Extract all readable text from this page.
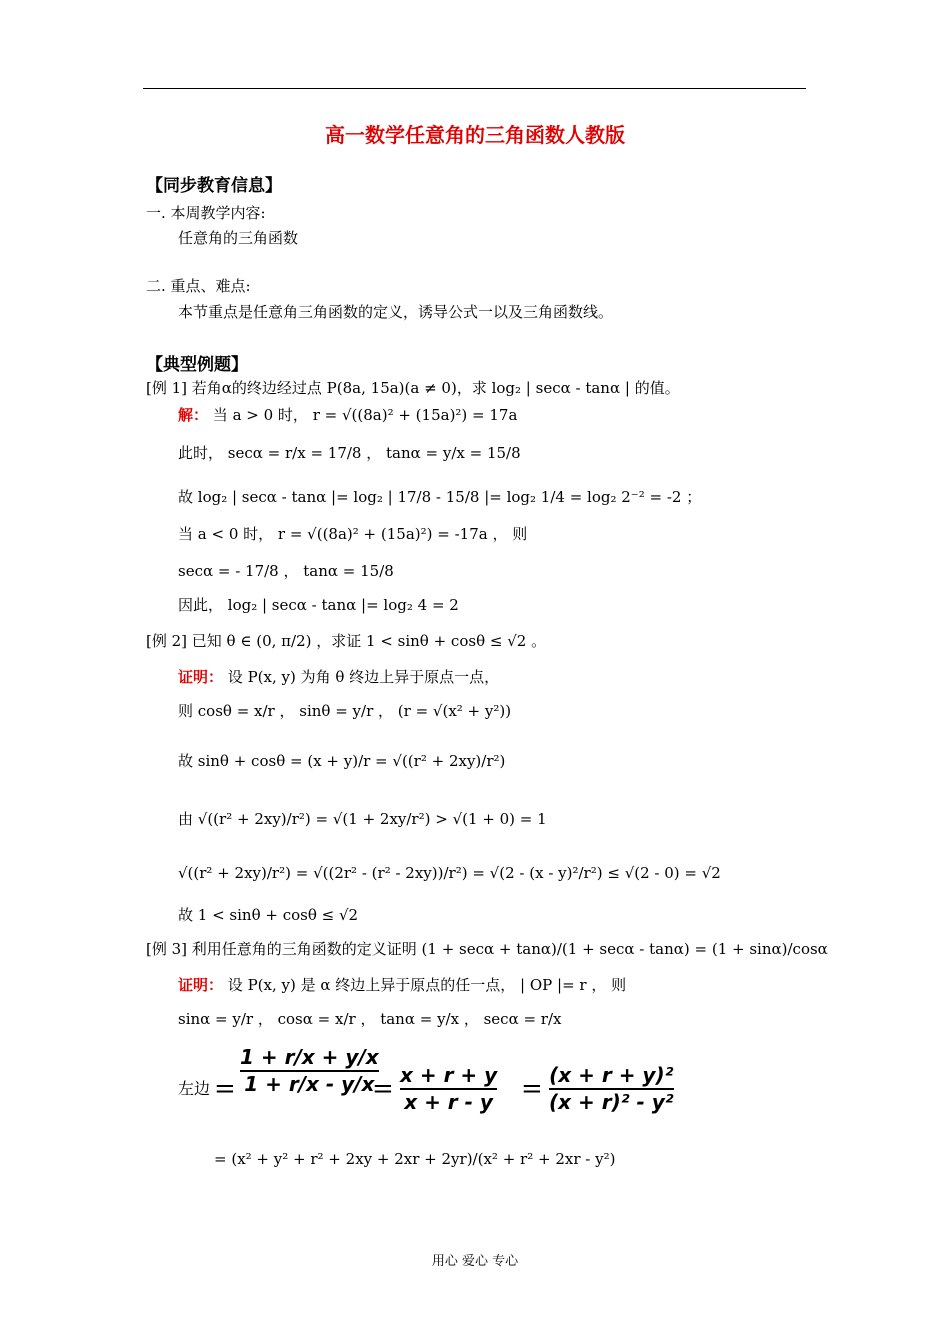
高一数学任意角的三角函数人教版
【同步教育信息】
一. 本周教学内容:
任意角的三角函数
二. 重点、难点:
本节重点是任意角三角函数的定义，诱导公式一以及三角函数线。
【典型例题】
[例 1] 若角α的终边经过点 P(8a, 15a)(a ≠ 0)，求 log₂ | secα - tanα | 的值。
解： 当 a > 0 时， r = √((8a)² + (15a)²) = 17a
此时， secα = r/x = 17/8 ， tanα = y/x = 15/8
故 log₂ | secα - tanα |= log₂ | 17/8 - 15/8 |= log₂ 1/4 = log₂ 2⁻² = -2 ；
当 a < 0 时， r = √((8a)² + (15a)²) = -17a ， 则
secα = - 17/8 ， tanα = 15/8
因此， log₂ | secα - tanα |= log₂ 4 = 2
[例 2] 已知 θ ∈ (0, π/2) ，求证 1 < sinθ + cosθ ≤ √2 。
证明： 设 P(x, y) 为角 θ 终边上异于原点一点，
则 cosθ = x/r ， sinθ = y/r ， (r = √(x² + y²))
故 sinθ + cosθ = (x + y)/r = √((r² + 2xy)/r²)
由 √((r² + 2xy)/r²) = √(1 + 2xy/r²) > √(1 + 0) = 1
√((r² + 2xy)/r²) = √((2r² - (r² - 2xy))/r²) = √(2 - (x - y)²/r²) ≤ √(2 - 0) = √2
故 1 < sinθ + cosθ ≤ √2
[例 3] 利用任意角的三角函数的定义证明 (1 + secα + tanα)/(1 + secα - tanα) = (1 + sinα)/cosα
证明： 设 P(x, y) 是 α 终边上异于原点的任一点， | OP |= r ， 则
sinα = y/r ， cosα = x/r ， tanα = y/x ， secα = r/x
左边 =
1 + r/x + y/x
1 + r/x - y/x
= x + r + y
x + r - y = (x + r + y)²
(x + r)² - y²
= (x² + y² + r² + 2xy + 2xr + 2yr)/(x² + r² + 2xr - y²)
用心 爱心 专心
